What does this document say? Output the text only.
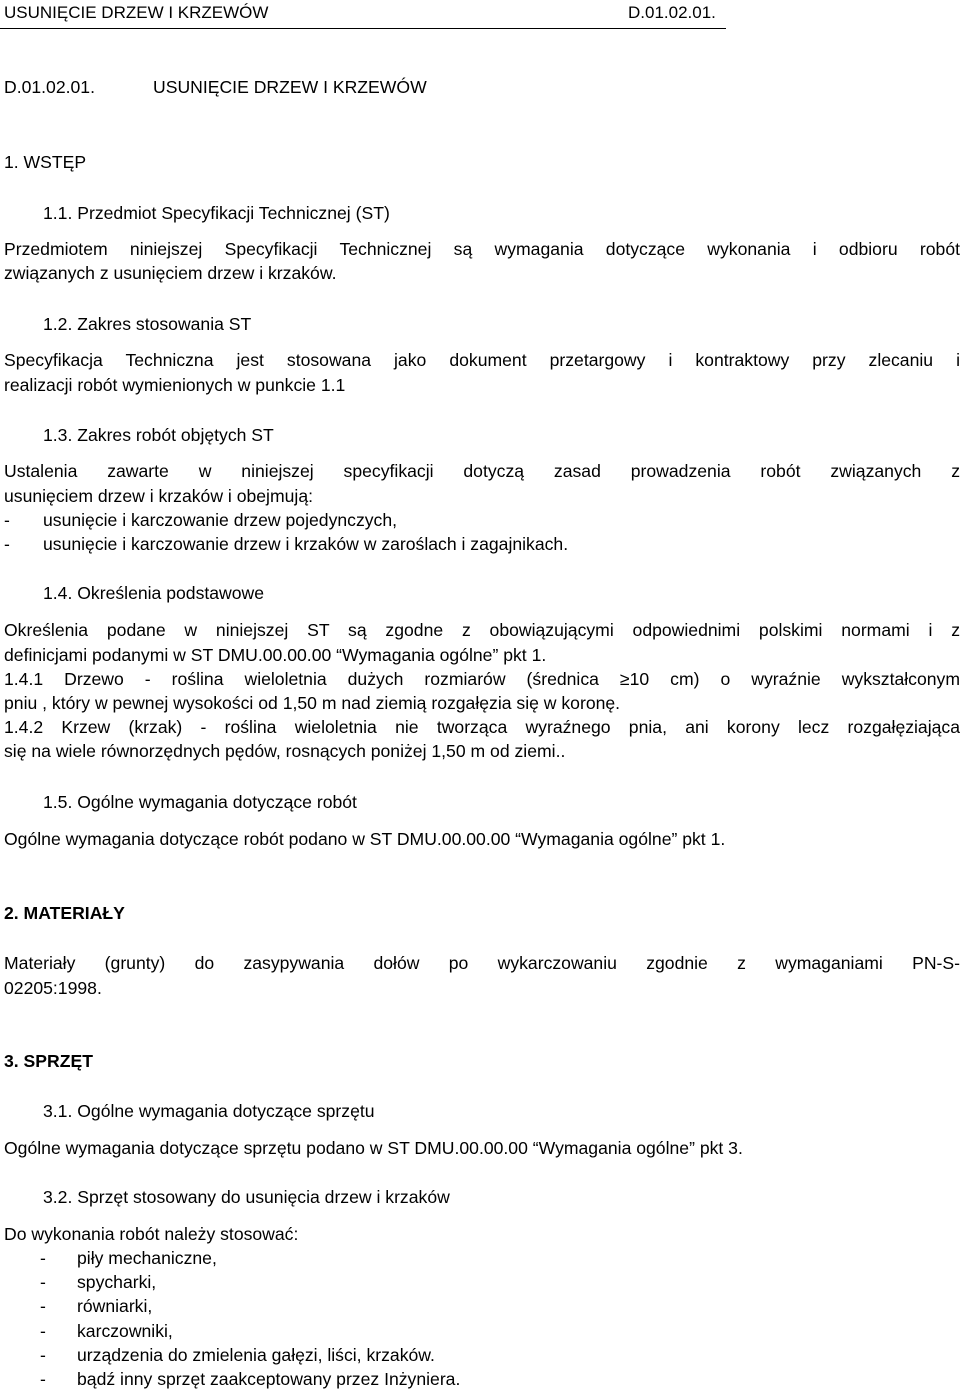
USUNIĘCIE DRZEW I KRZEWÓW	D.01.02.01.
D.01.02.01.	USUNIĘCIE DRZEW I KRZEWÓW
1. WSTĘP
1.1. Przedmiot Specyfikacji Technicznej (ST)
Przedmiotem niniejszej Specyfikacji Technicznej są wymagania dotyczące wykonania i odbioru robót
związanych z usunięciem drzew i krzaków.
1.2. Zakres stosowania ST
Specyfikacja Techniczna jest stosowana jako dokument przetargowy i kontraktowy przy zlecaniu i
realizacji robót wymienionych w punkcie 1.1
1.3. Zakres robót objętych ST
Ustalenia zawarte w niniejszej specyfikacji dotyczą zasad prowadzenia robót związanych z
usunięciem drzew i krzaków i obejmują:
- usunięcie i karczowanie drzew pojedynczych,
- usunięcie i karczowanie drzew i krzaków w zaroślach i zagajnikach.
1.4. Określenia podstawowe
Określenia podane w niniejszej ST są zgodne z obowiązującymi odpowiednimi polskimi normami i z
definicjami podanymi w ST DMU.00.00.00 “Wymagania ogólne” pkt 1.
1.4.1 Drzewo - roślina wieloletnia dużych rozmiarów (średnica ≥10 cm) o wyraźnie wykształconym
pniu , który w pewnej wysokości od 1,50 m nad ziemią rozgałęzia się w koronę.
1.4.2 Krzew (krzak) - roślina wieloletnia nie tworząca wyraźnego pnia, ani korony lecz rozgałęziająca
się na wiele równorzędnych pędów, rosnących poniżej 1,50 m od ziemi..
1.5. Ogólne wymagania dotyczące robót
Ogólne wymagania dotyczące robót podano w ST DMU.00.00.00 “Wymagania ogólne” pkt 1.
2. MATERIAŁY
Materiały (grunty) do zasypywania dołów po wykarczowaniu zgodnie z wymaganiami PN-S-
02205:1998.
3. SPRZĘT
3.1. Ogólne wymagania dotyczące sprzętu
Ogólne wymagania dotyczące sprzętu podano w ST DMU.00.00.00 “Wymagania ogólne” pkt 3.
3.2. Sprzęt stosowany do usunięcia drzew i krzaków
Do wykonania robót należy stosować:
- piły mechaniczne,
- spycharki,
- równiarki,
- karczowniki,
- urządzenia do zmielenia gałęzi, liści, krzaków.
- bądź inny sprzęt zaakceptowany przez Inżyniera.
